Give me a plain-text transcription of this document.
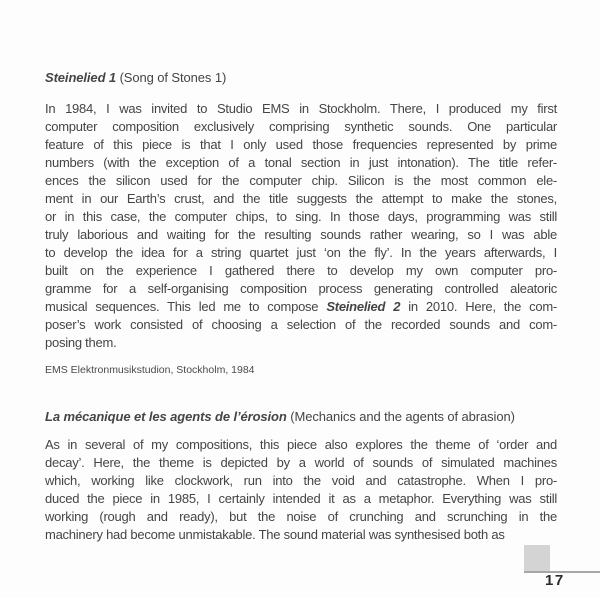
Steinelied 1 (Song of Stones 1)
In 1984, I was invited to Studio EMS in Stockholm. There, I produced my first
computer composition exclusively comprising synthetic sounds. One particular
feature of this piece is that I only used those frequencies represented by prime
numbers (with the exception of a tonal section in just intonation). The title refer-
ences the silicon used for the computer chip. Silicon is the most common ele-
ment in our Earth’s crust, and the title suggests the attempt to make the stones,
or in this case, the computer chips, to sing. In those days, programming was still
truly laborious and waiting for the resulting sounds rather wearing, so I was able
to develop the idea for a string quartet just ‘on the fly’. In the years afterwards, I
built on the experience I gathered there to develop my own computer pro-
gramme for a self-organising composition process generating controlled aleatoric
musical sequences. This led me to compose Steinelied 2 in 2010. Here, the com-
poser’s work consisted of choosing a selection of the recorded sounds and com-
posing them.
EMS Elektronmusikstudion, Stockholm, 1984
La mécanique et les agents de l’érosion (Mechanics and the agents of abrasion)
As in several of my compositions, this piece also explores the theme of ‘order and
decay’. Here, the theme is depicted by a world of sounds of simulated machines
which, working like clockwork, run into the void and catastrophe. When I pro-
duced the piece in 1985, I certainly intended it as a metaphor. Everything was still
working (rough and ready), but the noise of crunching and scrunching in the
machinery had become unmistakable. The sound material was synthesised both as
17
